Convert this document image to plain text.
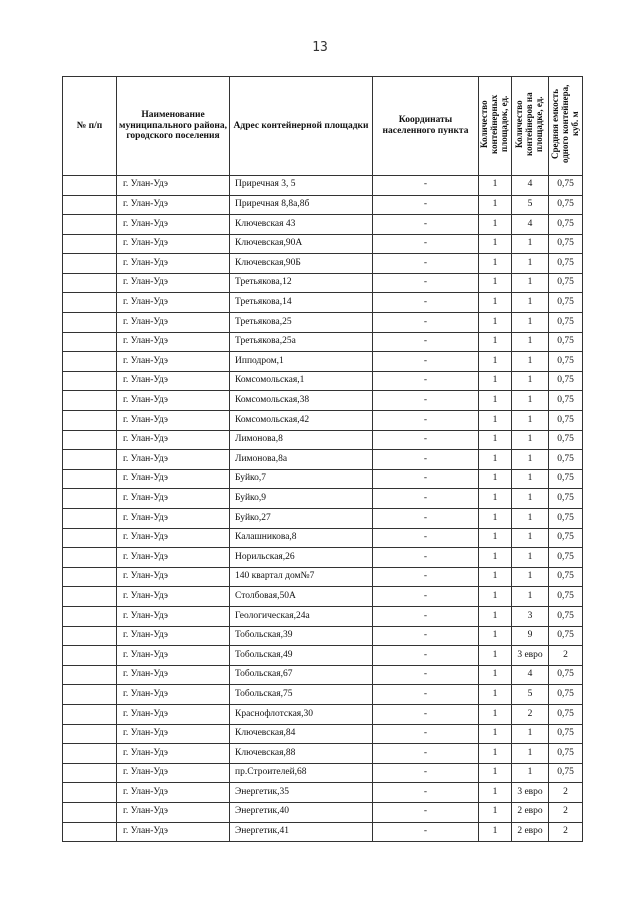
13
№ п/п	Наименование муниципального района, городского поселения	Адрес контейнерной площадки	Координаты населенного пункта	Количество контейнерных площадок, ед.	Количество контейнеров на площадке, ед.	Средняя емкость одного контейнера, куб. м
	г. Улан-Удэ	Приречная 3, 5	-	1	4	0,75
	г. Улан-Удэ	Приречная 8,8а,8б	-	1	5	0,75
	г. Улан-Удэ	Ключевская 43	-	1	4	0,75
	г. Улан-Удэ	Ключевская,90А	-	1	1	0,75
	г. Улан-Удэ	Ключевская,90Б	-	1	1	0,75
	г. Улан-Удэ	Третьякова,12	-	1	1	0,75
	г. Улан-Удэ	Третьякова,14	-	1	1	0,75
	г. Улан-Удэ	Третьякова,25	-	1	1	0,75
	г. Улан-Удэ	Третьякова,25а	-	1	1	0,75
	г. Улан-Удэ	Ипподром,1	-	1	1	0,75
	г. Улан-Удэ	Комсомольская,1	-	1	1	0,75
	г. Улан-Удэ	Комсомольская,38	-	1	1	0,75
	г. Улан-Удэ	Комсомольская,42	-	1	1	0,75
	г. Улан-Удэ	Лимонова,8	-	1	1	0,75
	г. Улан-Удэ	Лимонова,8а	-	1	1	0,75
	г. Улан-Удэ	Буйко,7	-	1	1	0,75
	г. Улан-Удэ	Буйко,9	-	1	1	0,75
	г. Улан-Удэ	Буйко,27	-	1	1	0,75
	г. Улан-Удэ	Калашникова,8	-	1	1	0,75
	г. Улан-Удэ	Норильская,26	-	1	1	0,75
	г. Улан-Удэ	140 квартал дом№7	-	1	1	0,75
	г. Улан-Удэ	Столбовая,50А	-	1	1	0,75
	г. Улан-Удэ	Геологическая,24а	-	1	3	0,75
	г. Улан-Удэ	Тобольская,39	-	1	9	0,75
	г. Улан-Удэ	Тобольская,49	-	1	3 евро	2
	г. Улан-Удэ	Тобольская,67	-	1	4	0,75
	г. Улан-Удэ	Тобольская,75	-	1	5	0,75
	г. Улан-Удэ	Краснофлотская,30	-	1	2	0,75
	г. Улан-Удэ	Ключевская,84	-	1	1	0,75
	г. Улан-Удэ	Ключевская,88	-	1	1	0,75
	г. Улан-Удэ	пр.Строителей,68	-	1	1	0,75
	г. Улан-Удэ	Энергетик,35	-	1	3 евро	2
	г. Улан-Удэ	Энергетик,40	-	1	2 евро	2
	г. Улан-Удэ	Энергетик,41	-	1	2 евро	2
